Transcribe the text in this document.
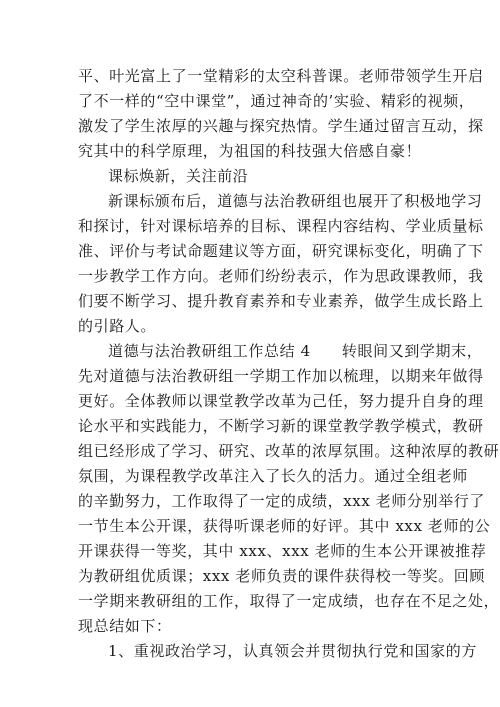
平、叶光富上了一堂精彩的太空科普课。老师带领学生开启
了不一样的“空中课堂”，通过神奇的’实验、精彩的视频，
激发了学生浓厚的兴趣与探究热情。学生通过留言互动，探
究其中的科学原理，为祖国的科技强大倍感自豪！
课标焕新，关注前沿
新课标颁布后，道德与法治教研组也展开了积极地学习
和探讨，针对课标培养的目标、课程内容结构、学业质量标
准、评价与考试命题建议等方面，研究课标变化，明确了下
一步教学工作方向。老师们纷纷表示，作为思政课教师，我
们要不断学习、提升教育素养和专业素养，做学生成长路上
的引路人。
道德与法治教研组工作总结 4　　转眼间又到学期末，
先对道德与法治教研组一学期工作加以梳理，以期来年做得
更好。全体教师以课堂教学改革为己任，努力提升自身的理
论水平和实践能力，不断学习新的课堂教学教学模式，教研
组已经形成了学习、研究、改革的浓厚氛围。这种浓厚的教研
氛围，为课程教学改革注入了长久的活力。通过全组老师
的辛勤努力，工作取得了一定的成绩，xxx 老师分别举行了
一节生本公开课，获得听课老师的好评。其中 xxx 老师的公
开课获得一等奖，其中 xxx、xxx 老师的生本公开课被推荐
为教研组优质课；xxx 老师负责的课件获得校一等奖。回顾
一学期来教研组的工作，取得了一定成绩，也存在不足之处，
现总结如下：
1、重视政治学习，认真领会并贯彻执行党和国家的方
